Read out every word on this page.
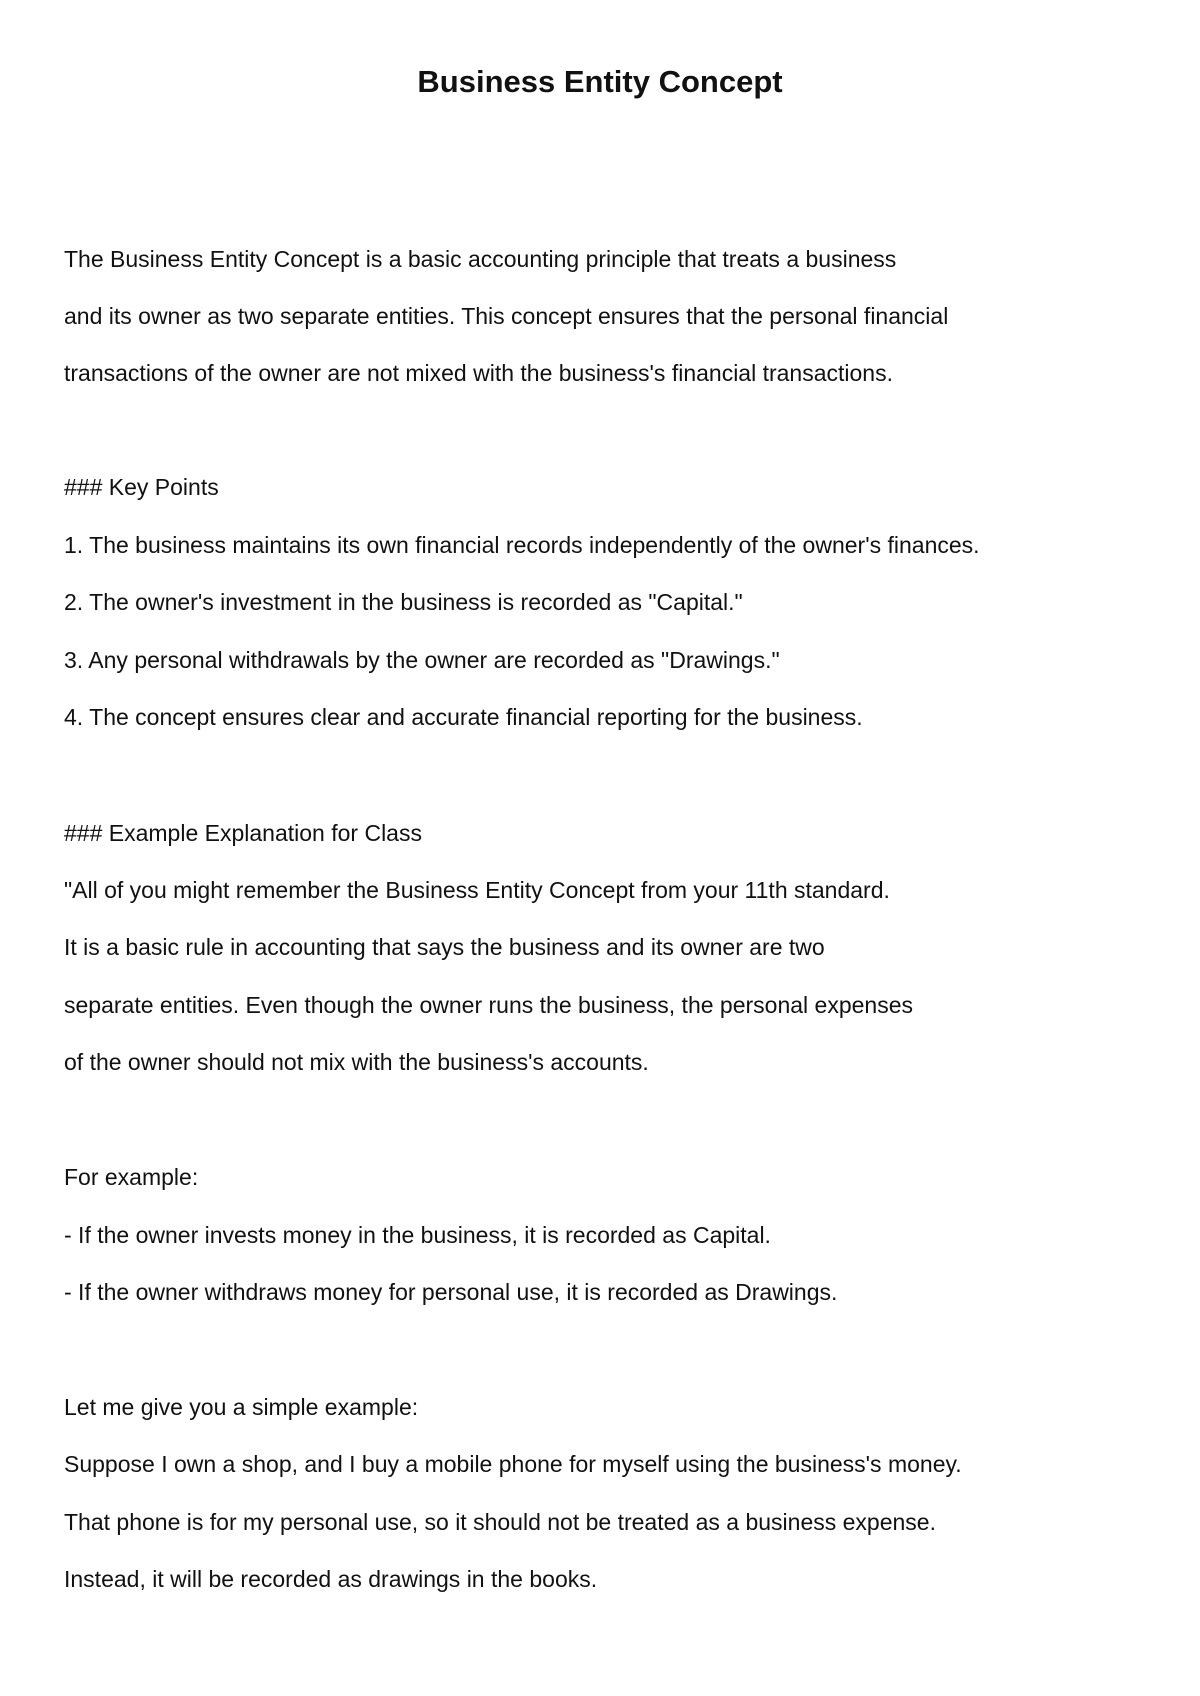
Business Entity Concept

The Business Entity Concept is a basic accounting principle that treats a business

and its owner as two separate entities. This concept ensures that the personal financial

transactions of the owner are not mixed with the business's financial transactions.

### Key Points

1. The business maintains its own financial records independently of the owner's finances.

2. The owner's investment in the business is recorded as "Capital."

3. Any personal withdrawals by the owner are recorded as "Drawings."

4. The concept ensures clear and accurate financial reporting for the business.

### Example Explanation for Class

"All of you might remember the Business Entity Concept from your 11th standard.

It is a basic rule in accounting that says the business and its owner are two

separate entities. Even though the owner runs the business, the personal expenses

of the owner should not mix with the business's accounts.

For example:

- If the owner invests money in the business, it is recorded as Capital.

- If the owner withdraws money for personal use, it is recorded as Drawings.

Let me give you a simple example:

Suppose I own a shop, and I buy a mobile phone for myself using the business's money.

That phone is for my personal use, so it should not be treated as a business expense.

Instead, it will be recorded as drawings in the books.
